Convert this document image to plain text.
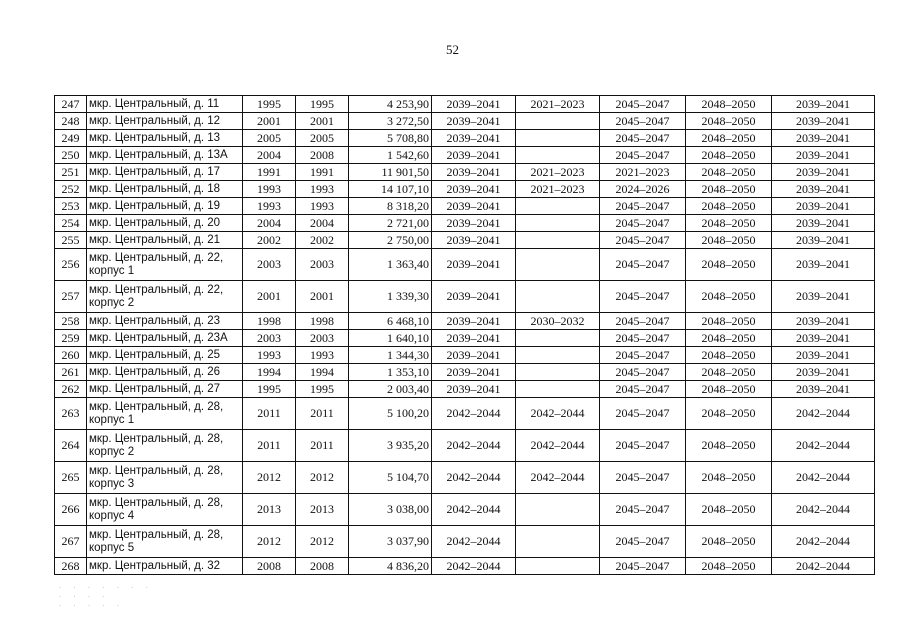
52
247	мкр. Центральный, д. 11	1995	1995	4 253,90	2039–2041	2021–2023	2045–2047	2048–2050	2039–2041
248	мкр. Центральный, д. 12	2001	2001	3 272,50	2039–2041		2045–2047	2048–2050	2039–2041
249	мкр. Центральный, д. 13	2005	2005	5 708,80	2039–2041		2045–2047	2048–2050	2039–2041
250	мкр. Центральный, д. 13А	2004	2008	1 542,60	2039–2041		2045–2047	2048–2050	2039–2041
251	мкр. Центральный, д. 17	1991	1991	11 901,50	2039–2041	2021–2023	2021–2023	2048–2050	2039–2041
252	мкр. Центральный, д. 18	1993	1993	14 107,10	2039–2041	2021–2023	2024–2026	2048–2050	2039–2041
253	мкр. Центральный, д. 19	1993	1993	8 318,20	2039–2041		2045–2047	2048–2050	2039–2041
254	мкр. Центральный, д. 20	2004	2004	2 721,00	2039–2041		2045–2047	2048–2050	2039–2041
255	мкр. Центральный, д. 21	2002	2002	2 750,00	2039–2041		2045–2047	2048–2050	2039–2041
256	мкр. Центральный, д. 22, корпус 1	2003	2003	1 363,40	2039–2041		2045–2047	2048–2050	2039–2041
257	мкр. Центральный, д. 22, корпус 2	2001	2001	1 339,30	2039–2041		2045–2047	2048–2050	2039–2041
258	мкр. Центральный, д. 23	1998	1998	6 468,10	2039–2041	2030–2032	2045–2047	2048–2050	2039–2041
259	мкр. Центральный, д. 23А	2003	2003	1 640,10	2039–2041		2045–2047	2048–2050	2039–2041
260	мкр. Центральный, д. 25	1993	1993	1 344,30	2039–2041		2045–2047	2048–2050	2039–2041
261	мкр. Центральный, д. 26	1994	1994	1 353,10	2039–2041		2045–2047	2048–2050	2039–2041
262	мкр. Центральный, д. 27	1995	1995	2 003,40	2039–2041		2045–2047	2048–2050	2039–2041
263	мкр. Центральный, д. 28, корпус 1	2011	2011	5 100,20	2042–2044	2042–2044	2045–2047	2048–2050	2042–2044
264	мкр. Центральный, д. 28, корпус 2	2011	2011	3 935,20	2042–2044	2042–2044	2045–2047	2048–2050	2042–2044
265	мкр. Центральный, д. 28, корпус 3	2012	2012	5 104,70	2042–2044	2042–2044	2045–2047	2048–2050	2042–2044
266	мкр. Центральный, д. 28, корпус 4	2013	2013	3 038,00	2042–2044		2045–2047	2048–2050	2042–2044
267	мкр. Центральный, д. 28, корпус 5	2012	2012	3 037,90	2042–2044		2045–2047	2048–2050	2042–2044
268	мкр. Центральный, д. 32	2008	2008	4 836,20	2042–2044		2045–2047	2048–2050	2042–2044
· · · · · · ·
· · · ·
· · · · ·
